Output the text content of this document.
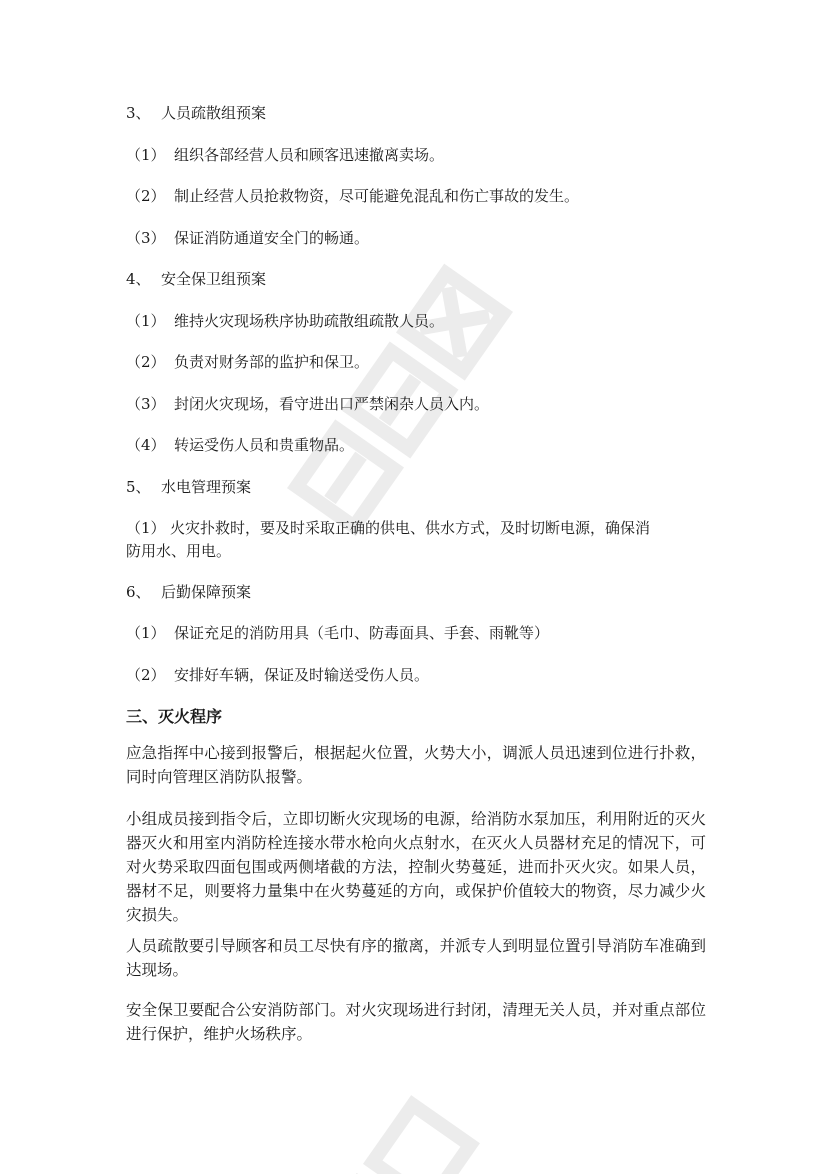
3、 人员疏散组预案
（1） 组织各部经营人员和顾客迅速撤离卖场。
（2） 制止经营人员抢救物资，尽可能避免混乱和伤亡事故的发生。
（3） 保证消防通道安全门的畅通。
4、 安全保卫组预案
（1） 维持火灾现场秩序协助疏散组疏散人员。
（2） 负责对财务部的监护和保卫。
（3） 封闭火灾现场，看守进出口严禁闲杂人员入内。
（4） 转运受伤人员和贵重物品。
5、 水电管理预案
（1） 火灾扑救时，要及时采取正确的供电、供水方式，及时切断电源，确保消
防用水、用电。
6、 后勤保障预案
（1） 保证充足的消防用具（毛巾、防毒面具、手套、雨靴等）
（2） 安排好车辆，保证及时输送受伤人员。
三、灭火程序
应急指挥中心接到报警后，根据起火位置，火势大小，调派人员迅速到位进行扑救，同时向管理区消防队报警。
小组成员接到指令后，立即切断火灾现场的电源，给消防水泵加压，利用附近的灭火器灭火和用室内消防栓连接水带水枪向火点射水，在灭火人员器材充足的情况下，可对火势采取四面包围或两侧堵截的方法，控制火势蔓延，进而扑灭火灾。如果人员，器材不足，则要将力量集中在火势蔓延的方向，或保护价值较大的物资，尽力减少火灾损失。
人员疏散要引导顾客和员工尽快有序的撤离，并派专人到明显位置引导消防车准确到达现场。
安全保卫要配合公安消防部门。对火灾现场进行封闭，清理无关人员，并对重点部位进行保护，维护火场秩序。
